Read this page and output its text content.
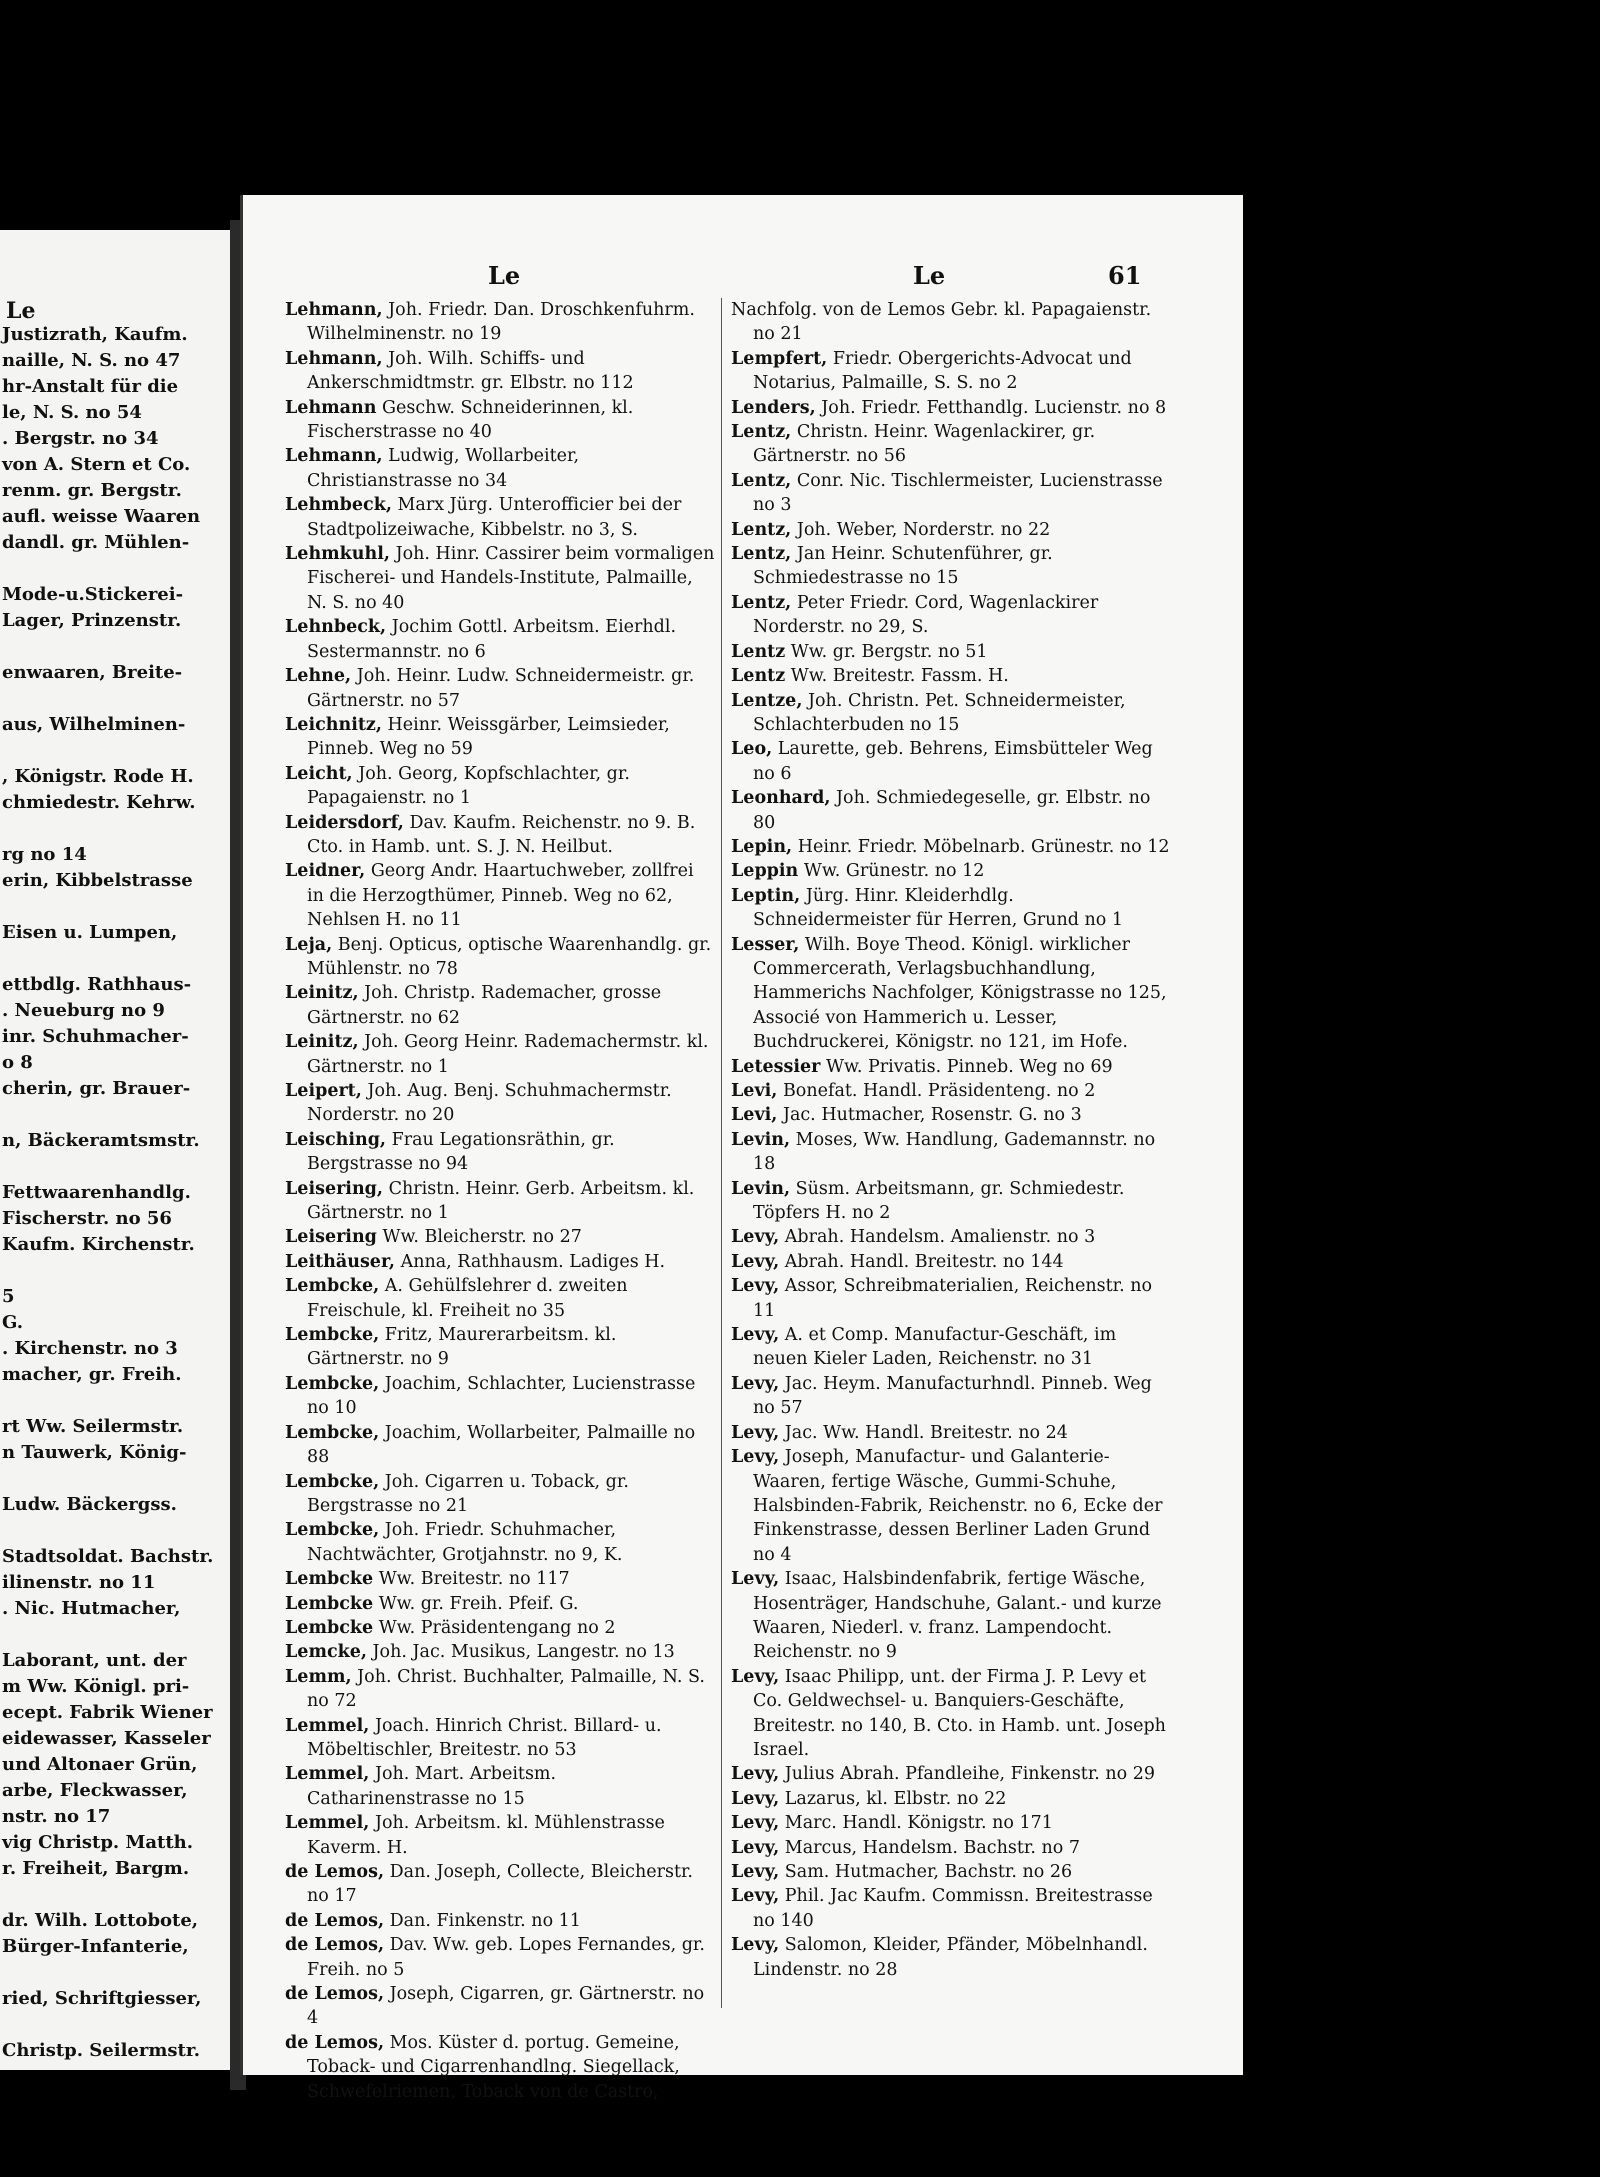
Le
Justizrath, Kaufm.
naille, N. S. no 47
hr-Anstalt für die
le, N. S. no 54
. Bergstr. no 34
von A. Stern et Co.
renm. gr. Bergstr.
aufl. weisse Waaren
dandl. gr. Mühlen-
Mode-u.Stickerei-
Lager, Prinzenstr.
enwaaren, Breite-
aus, Wilhelminen-
, Königstr. Rode H.
chmiedestr. Kehrw.
rg no 14
erin, Kibbelstrasse
Eisen u. Lumpen,
ettbdlg. Rathhaus-
. Neueburg no 9
inr. Schuhmacher-
o 8
cherin, gr. Brauer-
n, Bäckeramtsmstr.
Fettwaarenhandlg.
Fischerstr. no 56
Kaufm. Kirchenstr.
5
G.
. Kirchenstr. no 3
macher, gr. Freih.
rt Ww. Seilermstr.
n Tauwerk, König-
Ludw. Bäckergss.
Stadtsoldat. Bachstr.
ilinenstr. no 11
. Nic. Hutmacher,
Laborant, unt. der
m Ww. Königl. pri-
ecept. Fabrik Wiener
eidewasser, Kasseler
und Altonaer Grün,
arbe, Fleckwasser,
nstr. no 17
vig Christp. Matth.
r. Freiheit, Bargm.
dr. Wilh. Lottobote,
Bürger-Infanterie,
ried, Schriftgiesser,
Christp. Seilermstr.
Le	Le	61

Lehmann, Joh. Friedr. Dan. Droschkenfuhrm. Wilhelminenstr. no 19

Lehmann, Joh. Wilh. Schiffs- und Ankerschmidtmstr. gr. Elbstr. no 112

Lehmann Geschw. Schneiderinnen, kl. Fischerstrasse no 40

Lehmann, Ludwig, Wollarbeiter, Christianstrasse no 34

Lehmbeck, Marx Jürg. Unterofficier bei der Stadtpolizeiwache, Kibbelstr. no 3, S.

Lehmkuhl, Joh. Hinr. Cassirer beim vormaligen Fischerei- und Handels-Institute, Palmaille, N. S. no 40

Lehnbeck, Jochim Gottl. Arbeitsm. Eierhdl. Sestermannstr. no 6

Lehne, Joh. Heinr. Ludw. Schneidermeistr. gr. Gärtnerstr. no 57

Leichnitz, Heinr. Weissgärber, Leimsieder, Pinneb. Weg no 59

Leicht, Joh. Georg, Kopfschlachter, gr. Papagaienstr. no 1

Leidersdorf, Dav. Kaufm. Reichenstr. no 9. B. Cto. in Hamb. unt. S. J. N. Heilbut.

Leidner, Georg Andr. Haartuchweber, zollfrei in die Herzogthümer, Pinneb. Weg no 62, Nehlsen H. no 11

Leja, Benj. Opticus, optische Waarenhandlg. gr. Mühlenstr. no 78

Leinitz, Joh. Christp. Rademacher, grosse Gärtnerstr. no 62

Leinitz, Joh. Georg Heinr. Rademachermstr. kl. Gärtnerstr. no 1

Leipert, Joh. Aug. Benj. Schuhmachermstr. Norderstr. no 20

Leisching, Frau Legationsräthin, gr. Bergstrasse no 94

Leisering, Christn. Heinr. Gerb. Arbeitsm. kl. Gärtnerstr. no 1

Leisering Ww. Bleicherstr. no 27

Leithäuser, Anna, Rathhausm. Ladiges H.

Lembcke, A. Gehülfslehrer d. zweiten Freischule, kl. Freiheit no 35

Lembcke, Fritz, Maurerarbeitsm. kl. Gärtnerstr. no 9

Lembcke, Joachim, Schlachter, Lucienstrasse no 10

Lembcke, Joachim, Wollarbeiter, Palmaille no 88

Lembcke, Joh. Cigarren u. Toback, gr. Bergstrasse no 21

Lembcke, Joh. Friedr. Schuhmacher, Nachtwächter, Grotjahnstr. no 9, K.

Lembcke Ww. Breitestr. no 117

Lembcke Ww. gr. Freih. Pfeif. G.

Lembcke Ww. Präsidentengang no 2

Lemcke, Joh. Jac. Musikus, Langestr. no 13

Lemm, Joh. Christ. Buchhalter, Palmaille, N. S. no 72

Lemmel, Joach. Hinrich Christ. Billard- u. Möbeltischler, Breitestr. no 53

Lemmel, Joh. Mart. Arbeitsm. Catharinenstrasse no 15

Lemmel, Joh. Arbeitsm. kl. Mühlenstrasse Kaverm. H.

de Lemos, Dan. Joseph, Collecte, Bleicherstr. no 17

de Lemos, Dan. Finkenstr. no 11

de Lemos, Dav. Ww. geb. Lopes Fernandes, gr. Freih. no 5

de Lemos, Joseph, Cigarren, gr. Gärtnerstr. no 4

de Lemos, Mos. Küster d. portug. Gemeine, Toback- und Cigarrenhandlng. Siegellack, Schwefelriemen, Toback von de Castro,

Nachfolg. von de Lemos Gebr. kl. Papagaienstr. no 21

Lempfert, Friedr. Obergerichts-Advocat und Notarius, Palmaille, S. S. no 2

Lenders, Joh. Friedr. Fetthandlg. Lucienstr. no 8

Lentz, Christn. Heinr. Wagenlackirer, gr. Gärtnerstr. no 56

Lentz, Conr. Nic. Tischlermeister, Lucienstrasse no 3

Lentz, Joh. Weber, Norderstr. no 22

Lentz, Jan Heinr. Schutenführer, gr. Schmiedestrasse no 15

Lentz, Peter Friedr. Cord, Wagenlackirer Norderstr. no 29, S.

Lentz Ww. gr. Bergstr. no 51

Lentz Ww. Breitestr. Fassm. H.

Lentze, Joh. Christn. Pet. Schneidermeister, Schlachterbuden no 15

Leo, Laurette, geb. Behrens, Eimsbütteler Weg no 6

Leonhard, Joh. Schmiedegeselle, gr. Elbstr. no 80

Lepin, Heinr. Friedr. Möbelnarb. Grünestr. no 12

Leppin Ww. Grünestr. no 12

Leptin, Jürg. Hinr. Kleiderhdlg. Schneidermeister für Herren, Grund no 1

Lesser, Wilh. Boye Theod. Königl. wirklicher Commercerath, Verlagsbuchhandlung, Hammerichs Nachfolger, Königstrasse no 125, Associé von Hammerich u. Lesser, Buchdruckerei, Königstr. no 121, im Hofe.

Letessier Ww. Privatis. Pinneb. Weg no 69

Levi, Bonefat. Handl. Präsidenteng. no 2

Levi, Jac. Hutmacher, Rosenstr. G. no 3

Levin, Moses, Ww. Handlung, Gademannstr. no 18

Levin, Süsm. Arbeitsmann, gr. Schmiedestr. Töpfers H. no 2

Levy, Abrah. Handelsm. Amalienstr. no 3

Levy, Abrah. Handl. Breitestr. no 144

Levy, Assor, Schreibmaterialien, Reichenstr. no 11

Levy, A. et Comp. Manufactur-Geschäft, im neuen Kieler Laden, Reichenstr. no 31

Levy, Jac. Heym. Manufacturhndl. Pinneb. Weg no 57

Levy, Jac. Ww. Handl. Breitestr. no 24

Levy, Joseph, Manufactur- und Galanterie-Waaren, fertige Wäsche, Gummi-Schuhe, Halsbinden-Fabrik, Reichenstr. no 6, Ecke der Finkenstrasse, dessen Berliner Laden Grund no 4

Levy, Isaac, Halsbindenfabrik, fertige Wäsche, Hosenträger, Handschuhe, Galant.- und kurze Waaren, Niederl. v. franz. Lampendocht. Reichenstr. no 9

Levy, Isaac Philipp, unt. der Firma J. P. Levy et Co. Geldwechsel- u. Banquiers-Geschäfte, Breitestr. no 140, B. Cto. in Hamb. unt. Joseph Israel.

Levy, Julius Abrah. Pfandleihe, Finkenstr. no 29

Levy, Lazarus, kl. Elbstr. no 22

Levy, Marc. Handl. Königstr. no 171

Levy, Marcus, Handelsm. Bachstr. no 7

Levy, Sam. Hutmacher, Bachstr. no 26

Levy, Phil. Jac Kaufm. Commissn. Breitestrasse no 140

Levy, Salomon, Kleider, Pfänder, Möbelnhandl. Lindenstr. no 28
